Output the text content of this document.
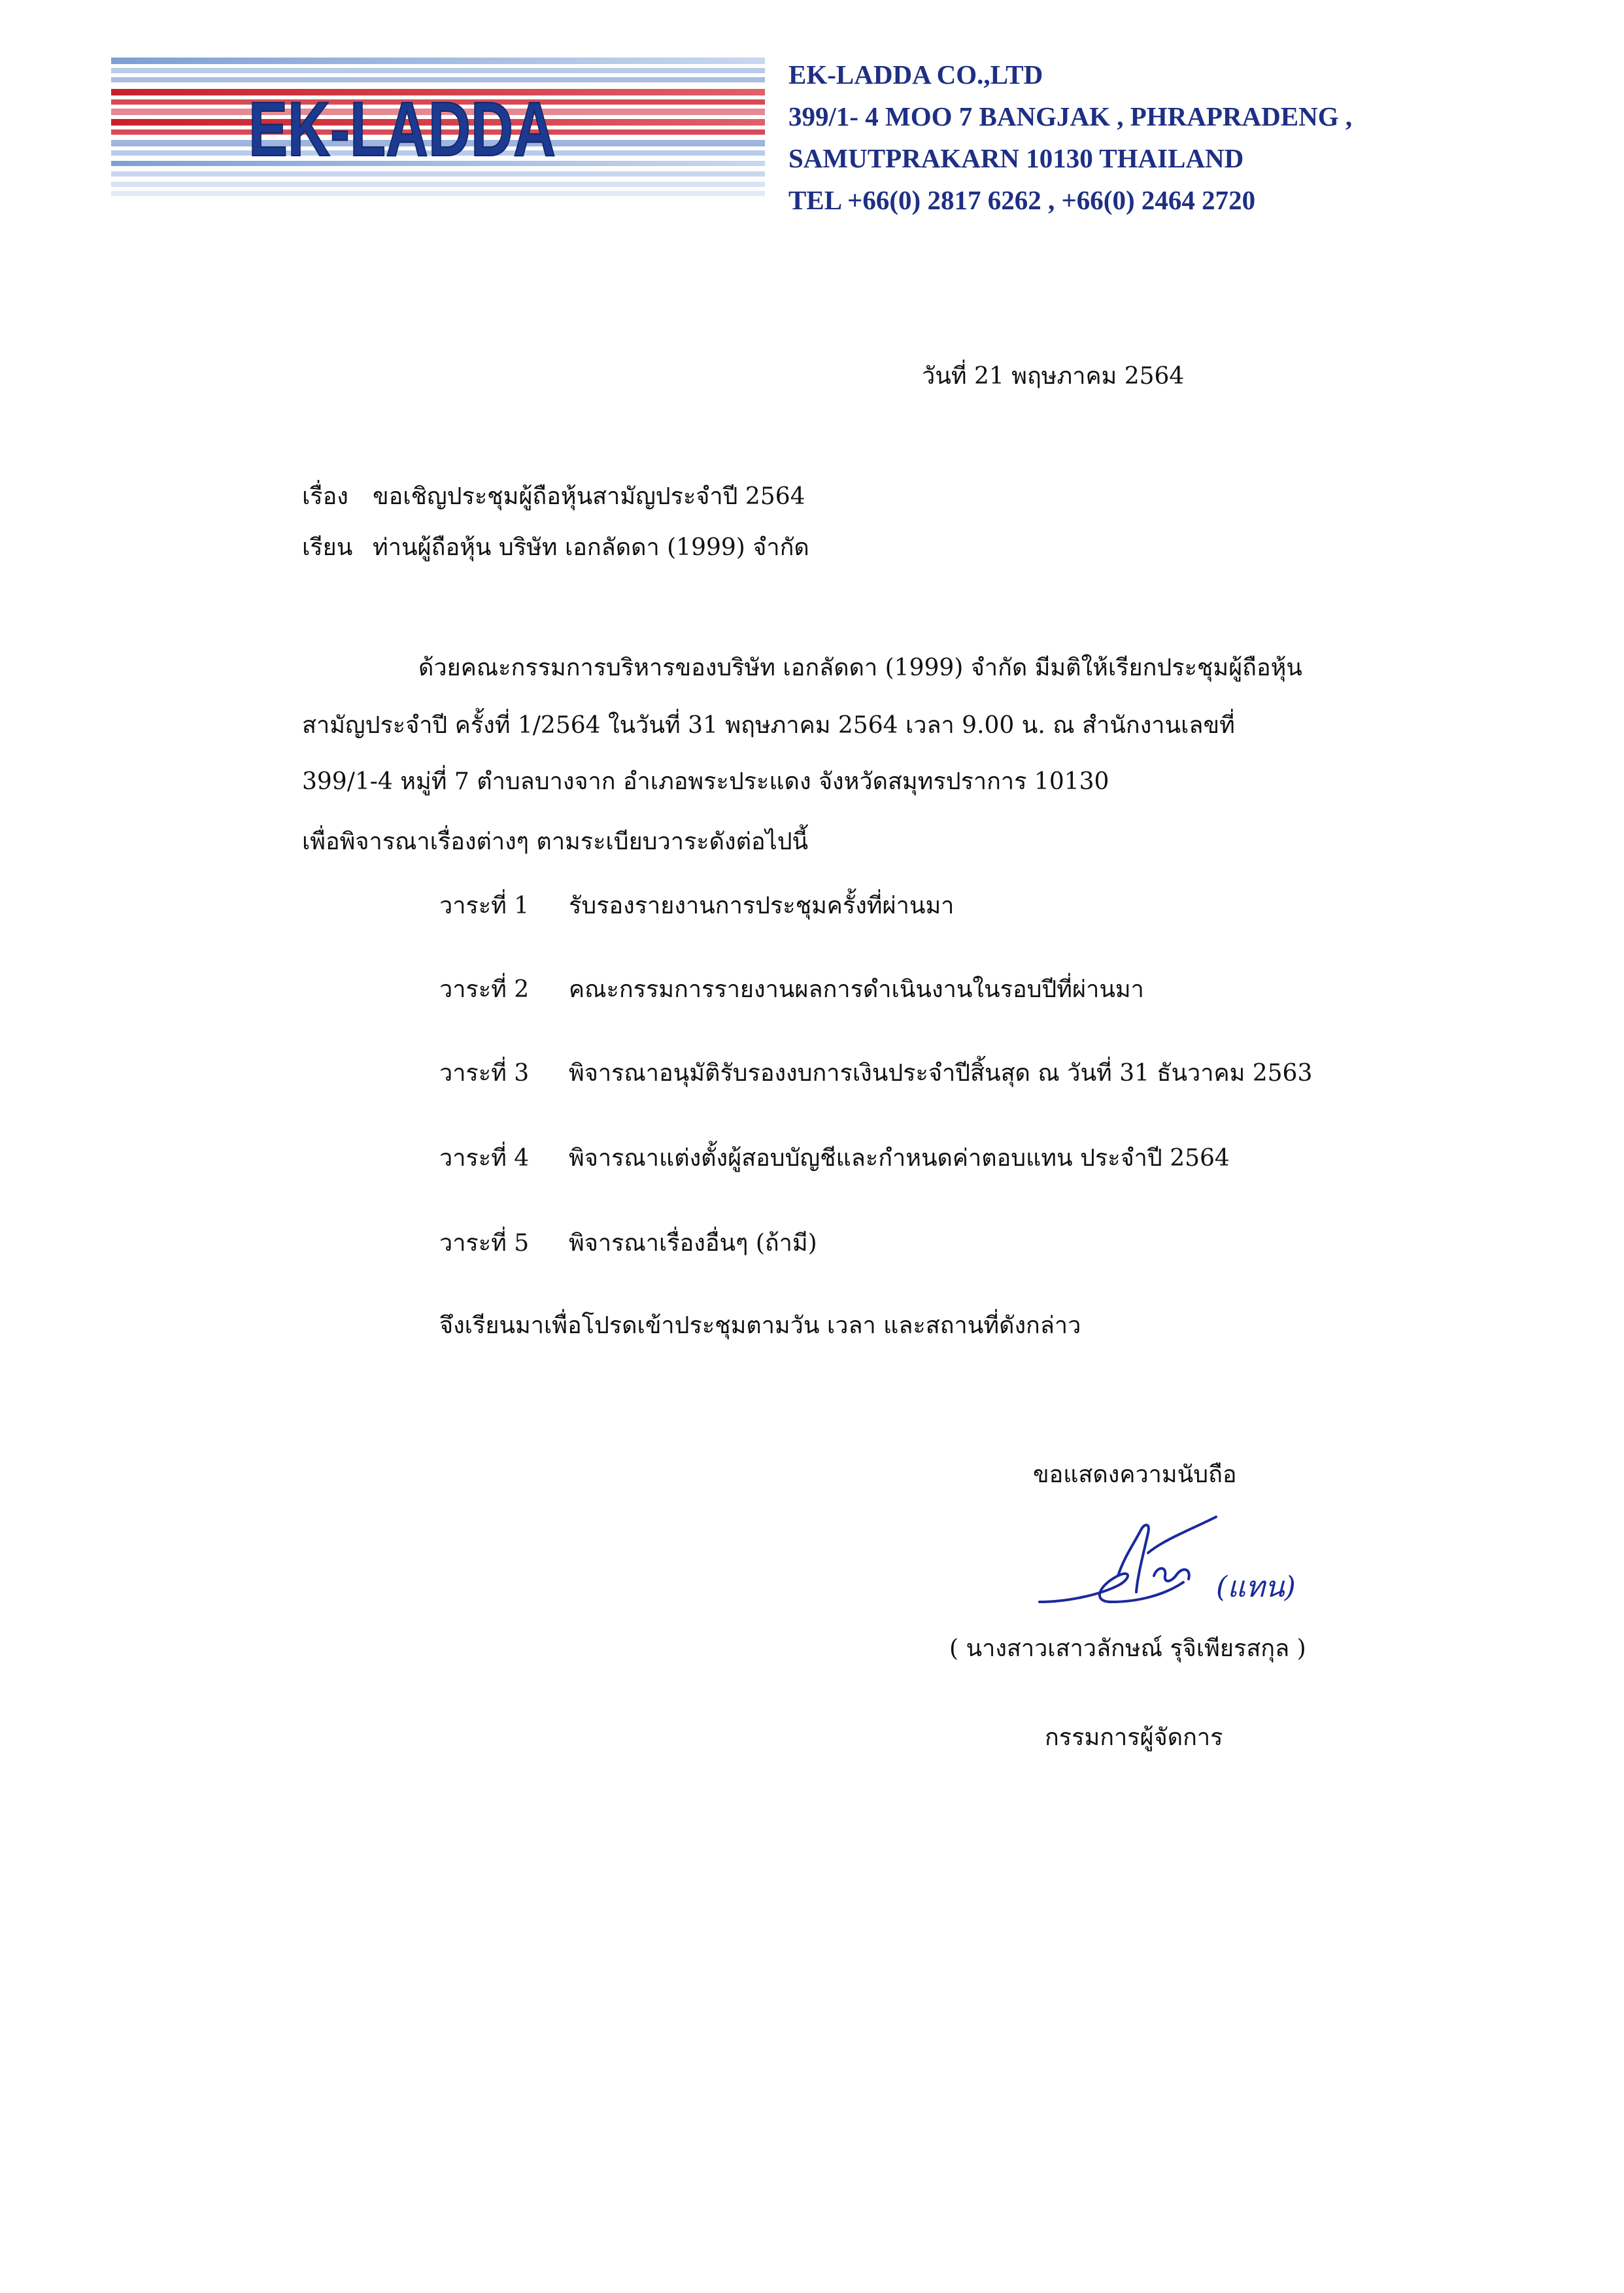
EK-LADDA
EK-LADDA CO.,LTD
399/1- 4 MOO 7 BANGJAK , PHRAPRADENG ,
SAMUTPRAKARN 10130 THAILAND
TEL +66(0) 2817 6262 , +66(0) 2464 2720
วันที่ 21 พฤษภาคม 2564
เรื่อง ขอเชิญประชุมผู้ถือหุ้นสามัญประจำปี 2564
เรียน ท่านผู้ถือหุ้น บริษัท เอกลัดดา (1999) จำกัด
ด้วยคณะกรรมการบริหารของบริษัท เอกลัดดา (1999) จำกัด มีมติให้เรียกประชุมผู้ถือหุ้น
สามัญประจำปี ครั้งที่ 1/2564 ในวันที่ 31 พฤษภาคม 2564 เวลา 9.00 น. ณ สำนักงานเลขที่
399/1-4 หมู่ที่ 7 ตำบลบางจาก อำเภอพระประแดง จังหวัดสมุทรปราการ 10130
เพื่อพิจารณาเรื่องต่างๆ ตามระเบียบวาระดังต่อไปนี้
วาระที่ 1 รับรองรายงานการประชุมครั้งที่ผ่านมา
วาระที่ 2 คณะกรรมการรายงานผลการดำเนินงานในรอบปีที่ผ่านมา
วาระที่ 3 พิจารณาอนุมัติรับรองงบการเงินประจำปีสิ้นสุด ณ วันที่ 31 ธันวาคม 2563
วาระที่ 4 พิจารณาแต่งตั้งผู้สอบบัญชีและกำหนดค่าตอบแทน ประจำปี 2564
วาระที่ 5 พิจารณาเรื่องอื่นๆ (ถ้ามี)
จึงเรียนมาเพื่อโปรดเข้าประชุมตามวัน เวลา และสถานที่ดังกล่าว
ขอแสดงความนับถือ
(แทน)
( นางสาวเสาวลักษณ์ รุจิเพียรสกุล )
กรรมการผู้จัดการ
